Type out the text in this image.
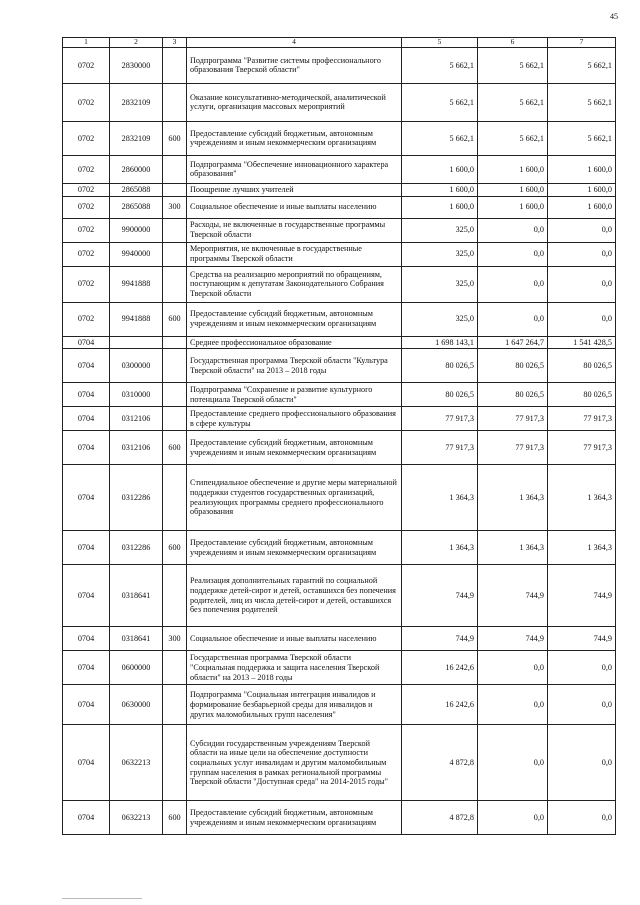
45
1	2	3	4	5	6	7
0702	2830000		Подпрограмма "Развитие системы профессионального образования Тверской области"	5 662,1	5 662,1	5 662,1
0702	2832109		Оказание консультативно-методической, аналитической услуги, организация массовых мероприятий	5 662,1	5 662,1	5 662,1
0702	2832109	600	Предоставление субсидий бюджетным, автономным учреждениям и иным некоммерческим организациям	5 662,1	5 662,1	5 662,1
0702	2860000		Подпрограмма "Обеспечение инновационного характера образования"	1 600,0	1 600,0	1 600,0
0702	2865088		Поощрение лучших учителей	1 600,0	1 600,0	1 600,0
0702	2865088	300	Социальное обеспечение и иные выплаты населению	1 600,0	1 600,0	1 600,0
0702	9900000		Расходы, не включенные в государственные программы Тверской области	325,0	0,0	0,0
0702	9940000		Мероприятия, не включенные в государственные программы Тверской области	325,0	0,0	0,0
0702	9941888		Средства на реализацию мероприятий по обращениям, поступающим к депутатам Законодательного Собрания Тверской области	325,0	0,0	0,0
0702	9941888	600	Предоставление субсидий бюджетным, автономным учреждениям и иным некоммерческим организациям	325,0	0,0	0,0
0704			Среднее профессиональное образование	1 698 143,1	1 647 264,7	1 541 428,5
0704	0300000		Государственная программа Тверской области "Культура Тверской области" на 2013 – 2018 годы	80 026,5	80 026,5	80 026,5
0704	0310000		Подпрограмма "Сохранение и развитие культурного потенциала Тверской области"	80 026,5	80 026,5	80 026,5
0704	0312106		Предоставление среднего профессионального образования в сфере культуры	77 917,3	77 917,3	77 917,3
0704	0312106	600	Предоставление субсидий бюджетным, автономным учреждениям и иным некоммерческим организациям	77 917,3	77 917,3	77 917,3
0704	0312286		Стипендиальное обеспечение и другие меры материальной поддержки студентов государственных организаций, реализующих программы среднего профессионального образования	1 364,3	1 364,3	1 364,3
0704	0312286	600	Предоставление субсидий бюджетным, автономным учреждениям и иным некоммерческим организациям	1 364,3	1 364,3	1 364,3
0704	0318641		Реализация дополнительных гарантий по социальной поддержке детей-сирот и детей, оставшихся без попечения родителей, лиц из числа детей-сирот и детей, оставшихся без попечения родителей	744,9	744,9	744,9
0704	0318641	300	Социальное обеспечение и иные выплаты населению	744,9	744,9	744,9
0704	0600000		Государственная программа Тверской области "Социальная поддержка и защита населения Тверской области" на 2013 – 2018 годы	16 242,6	0,0	0,0
0704	0630000		Подпрограмма "Социальная интеграция инвалидов и формирование безбарьерной среды для инвалидов и других маломобильных групп населения"	16 242,6	0,0	0,0
0704	0632213		Субсидии государственным учреждениям Тверской области на иные цели на обеспечение доступности социальных услуг инвалидам и другим маломобильным группам населения в рамках региональной программы Тверской области "Доступная среда" на 2014-2015 годы"	4 872,8	0,0	0,0
0704	0632213	600	Предоставление субсидий бюджетным, автономным учреждениям и иным некоммерческим организациям	4 872,8	0,0	0,0
